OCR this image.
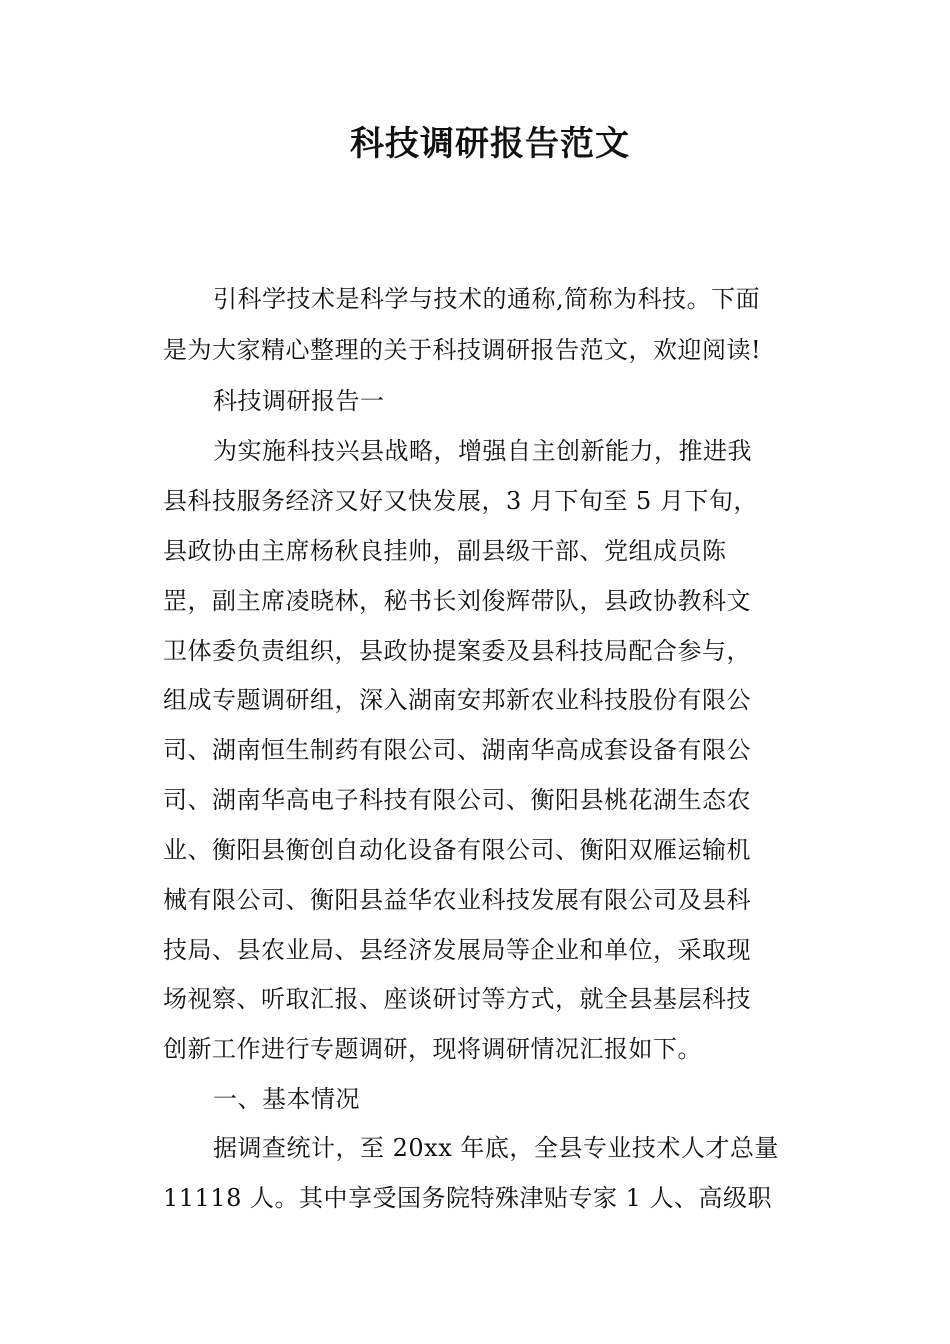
科技调研报告范文
引科学技术是科学与技术的通称,简称为科技。下面
是为大家精心整理的关于科技调研报告范文，欢迎阅读!
科技调研报告一
为实施科技兴县战略，增强自主创新能力，推进我
县科技服务经济又好又快发展，3 月下旬至 5 月下旬，
县政协由主席杨秋良挂帅，副县级干部、党组成员陈
罡，副主席凌晓林，秘书长刘俊辉带队，县政协教科文
卫体委负责组织，县政协提案委及县科技局配合参与，
组成专题调研组，深入湖南安邦新农业科技股份有限公
司、湖南恒生制药有限公司、湖南华高成套设备有限公
司、湖南华高电子科技有限公司、衡阳县桃花湖生态农
业、衡阳县衡创自动化设备有限公司、衡阳双雁运输机
械有限公司、衡阳县益华农业科技发展有限公司及县科
技局、县农业局、县经济发展局等企业和单位，采取现
场视察、听取汇报、座谈研讨等方式，就全县基层科技
创新工作进行专题调研，现将调研情况汇报如下。
一、基本情况
据调查统计，至 20xx 年底，全县专业技术人才总量
11118 人。其中享受国务院特殊津贴专家 1 人、高级职
